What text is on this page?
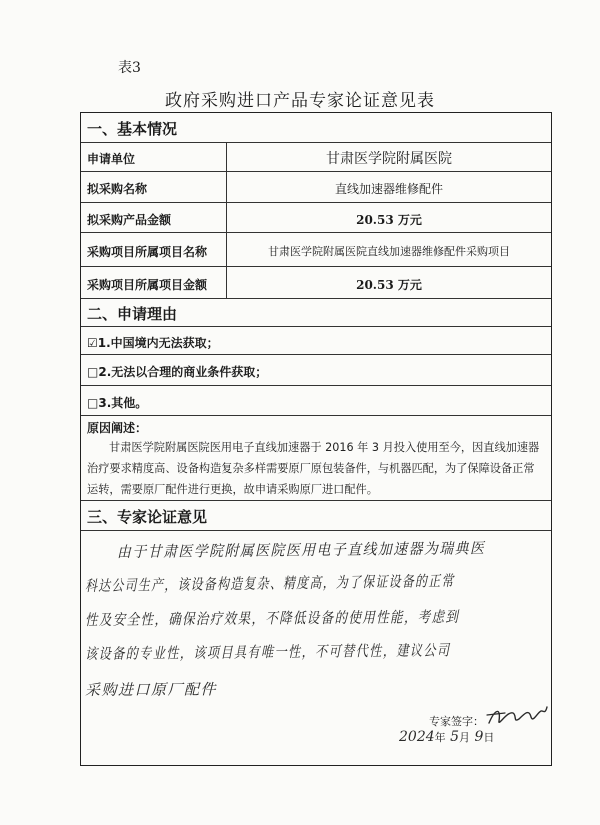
表3
政府采购进口产品专家论证意见表
一、基本情况
申请单位	甘肃医学院附属医院
拟采购名称	直线加速器维修配件
拟采购产品金额	20.53 万元
采购项目所属项目名称	甘肃医学院附属医院直线加速器维修配件采购项目
采购项目所属项目金额	20.53 万元
二、申请理由
☑1.中国境内无法获取；
□2.无法以合理的商业条件获取；
□3.其他。
原因阐述：
甘肃医学院附属医院医用电子直线加速器于 2016 年 3 月投入使用至今，因直线加速器治疗要求精度高、设备构造复杂多样需要原厂原包装备件，与机器匹配，为了保障设备正常运转，需要原厂配件进行更换，故申请采购原厂进口配件。
三、专家论证意见
由于甘肃医学院附属医院医用电子直线加速器为瑞典医
科达公司生产，该设备构造复杂、精度高，为了保证设备的正常
性及安全性，确保治疗效果，不降低设备的使用性能，考虑到
该设备的专业性，该项目具有唯一性，不可替代性，建议公司
采购进口原厂配件
专家签字：
2024年 5月 9日
